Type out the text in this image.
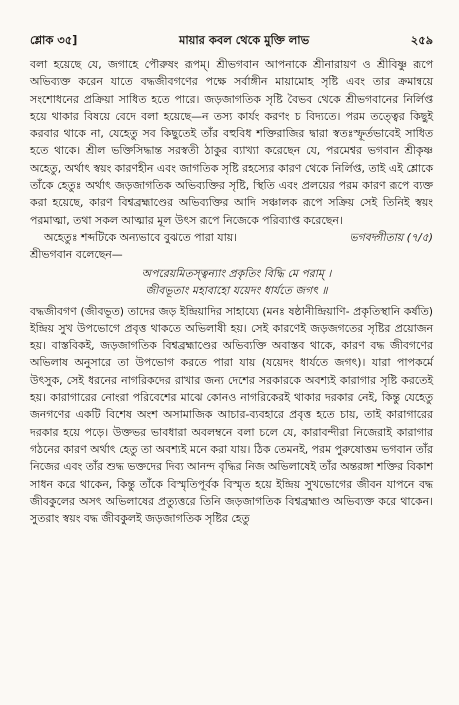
শ্লোক ৩৫]	মায়ার কবল থেকে মুক্তি লাভ	২৫৯

বলা হয়েছে যে, জগাহে পৌরুষং রূপম্‌। শ্রীভগবান আপনাকে শ্রীনারায়ণ ও শ্রীবিষ্ণু রূপে অভিব্যক্ত করেন যাতে বদ্ধজীবগণের পক্ষে সর্বাঙ্গীন মায়ামোহ সৃষ্টি এবং তার ক্রমান্বয়ে সংশোধনের প্রক্রিয়া সাধিত হতে পারে। জড়জাগতিক সৃষ্টি বৈভব থেকে শ্রীভগবানের নির্লিপ্ত হয়ে থাকার বিষয়ে বেদে বলা হয়েছে—ন তস্য কার্যং করণং চ বিদ্যতে। পরম তত্ত্বের কিছুই করবার থাকে না, যেহেতু সব কিছুতেই তাঁর বহুবিধ শক্তিরাজির দ্বারা স্বতঃস্ফূর্তভাবেই সাধিত হতে থাকে। শ্রীল ভক্তিসিদ্ধান্ত সরস্বতী ঠাকুর ব্যাখ্যা করেছেন যে, পরমেশ্বর ভগবান শ্রীকৃষ্ণ অহেতু, অর্থাৎ স্বয়ং কারণহীন এবং জাগতিক সৃষ্টি রহস্যের কারণ থেকে নির্লিপ্ত, তাই এই শ্লোকে তাঁকে হেতুঃ অর্থাৎ জড়জাগতিক অভিব্যক্তির সৃষ্টি, স্থিতি এবং প্রলয়ের পরম কারণ রূপে ব্যক্ত করা হয়েছে, কারণ বিশ্বব্রহ্মাণ্ডের অভিব্যক্তির আদি সঞ্চালক রূপে সক্রিয় সেই তিনিই স্বয়ং পরমাত্মা, তথা সকল আত্মার মূল উৎস রূপে নিজেকে পরিব্যাপ্ত করেছেন।

অহেতুঃ শব্দটিকে অন্যভাবে বুঝতে পারা যায়।	ভগবদ্গীতায় (৭/৫)

শ্রীভগবান বলেছেন—

অপরেয়মিতস্ত্বন্যাং প্রকৃতিং বিদ্ধি মে পরাম্‌ ।
জীবভূতাং মহাবাহো যয়েদং ধার্যতে জগৎ ॥

বদ্ধজীবগণ (জীবভূত) তাদের জড় ইন্দ্রিয়াদির সাহায্যে (মনঃ ষষ্ঠানীন্দ্রিয়াণি- প্রকৃতিস্থানি কর্ষতি) ইন্দ্রিয় সুখ উপভোগে প্রবৃত্ত থাকতে অভিলাষী হয়। সেই কারণেই জড়জগতের সৃষ্টির প্রয়োজন হয়। বাস্তবিকই, জড়জাগতিক বিশ্বব্রহ্মাণ্ডের অভিব্যক্তি অবাস্তব থাকে, কারণ বদ্ধ জীবগণের অভিলাষ অনুসারে তা উপভোগ করতে পারা যায় (যয়েদং ধার্যতে জগৎ)। যারা পাপকর্মে উৎসুক, সেই ধরনের নাগরিকদের রাখার জন্য দেশের সরকারকে অবশ্যই কারাগার সৃষ্টি করতেই হয়। কারাগারের নোংরা পরিবেশের মাঝে কোনও নাগরিকেরই থাকার দরকার নেই, কিন্তু যেহেতু জনগণের একটি বিশেষ অংশ অসামাজিক আচার-ব্যবহারে প্রবৃত্ত হতে চায়, তাই কারাগারের দরকার হয়ে পড়ে। উক্তভর ভাবধারা অবলম্বনে বলা চলে যে, কারাবন্দীরা নিজেরাই কারাগার গঠনের কারণ অর্থাৎ হেতু তা অবশ্যই মনে করা যায়। ঠিক তেমনই, পরম পুরুষোত্তম ভগবান তাঁর নিজের এবং তাঁর শুদ্ধ ভক্তদের দিব্য আনন্দ বৃদ্ধির নিজ অভিলাষেই তাঁর অন্তরঙ্গা শক্তির বিকাশ সাধন করে থাকেন, কিন্তু তাঁকে বিস্মৃতিপূর্বক বিস্মৃত হয়ে ইন্দ্রিয় সুখভোগের জীবন যাপনে বদ্ধ জীবকুলের অসৎ অভিলাষের প্রত্যুত্তরে তিনি জড়জাগতিক বিশ্বব্রহ্মাণ্ড অভিব্যক্ত করে থাকেন। সুতরাং স্বয়ং বদ্ধ জীবকুলই জড়জাগতিক সৃষ্টির হেতু
